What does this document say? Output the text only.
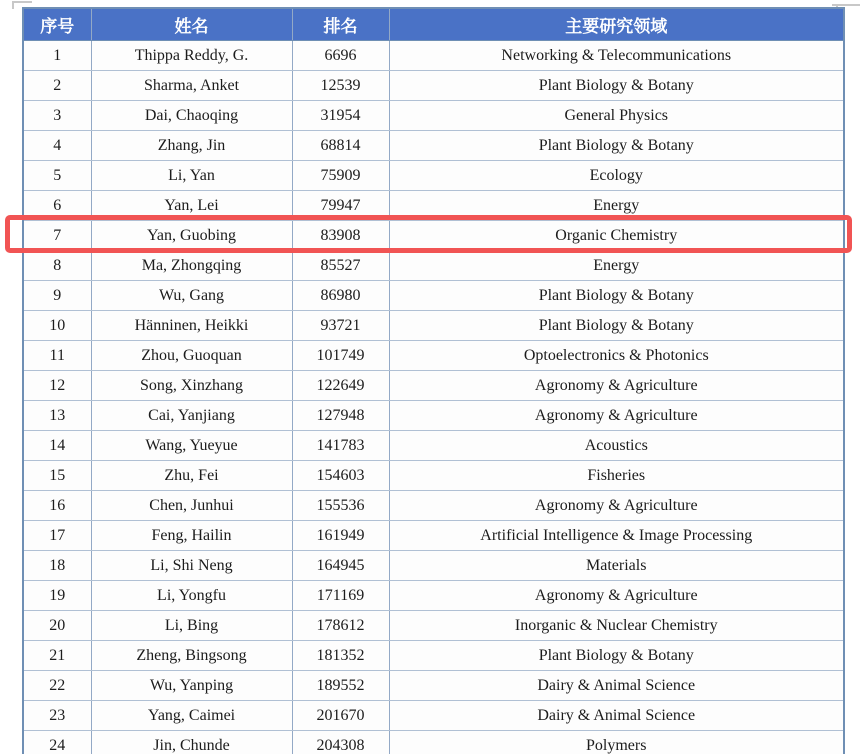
序号	姓名	排名	主要研究领域
1	Thippa Reddy, G.	6696	Networking & Telecommunications
2	Sharma, Anket	12539	Plant Biology & Botany
3	Dai, Chaoqing	31954	General Physics
4	Zhang, Jin	68814	Plant Biology & Botany
5	Li, Yan	75909	Ecology
6	Yan, Lei	79947	Energy
7	Yan, Guobing	83908	Organic Chemistry
8	Ma, Zhongqing	85527	Energy
9	Wu, Gang	86980	Plant Biology & Botany
10	Hänninen, Heikki	93721	Plant Biology & Botany
11	Zhou, Guoquan	101749	Optoelectronics & Photonics
12	Song, Xinzhang	122649	Agronomy & Agriculture
13	Cai, Yanjiang	127948	Agronomy & Agriculture
14	Wang, Yueyue	141783	Acoustics
15	Zhu, Fei	154603	Fisheries
16	Chen, Junhui	155536	Agronomy & Agriculture
17	Feng, Hailin	161949	Artificial Intelligence & Image Processing
18	Li, Shi Neng	164945	Materials
19	Li, Yongfu	171169	Agronomy & Agriculture
20	Li, Bing	178612	Inorganic & Nuclear Chemistry
21	Zheng, Bingsong	181352	Plant Biology & Botany
22	Wu, Yanping	189552	Dairy & Animal Science
23	Yang, Caimei	201670	Dairy & Animal Science
24	Jin, Chunde	204308	Polymers
